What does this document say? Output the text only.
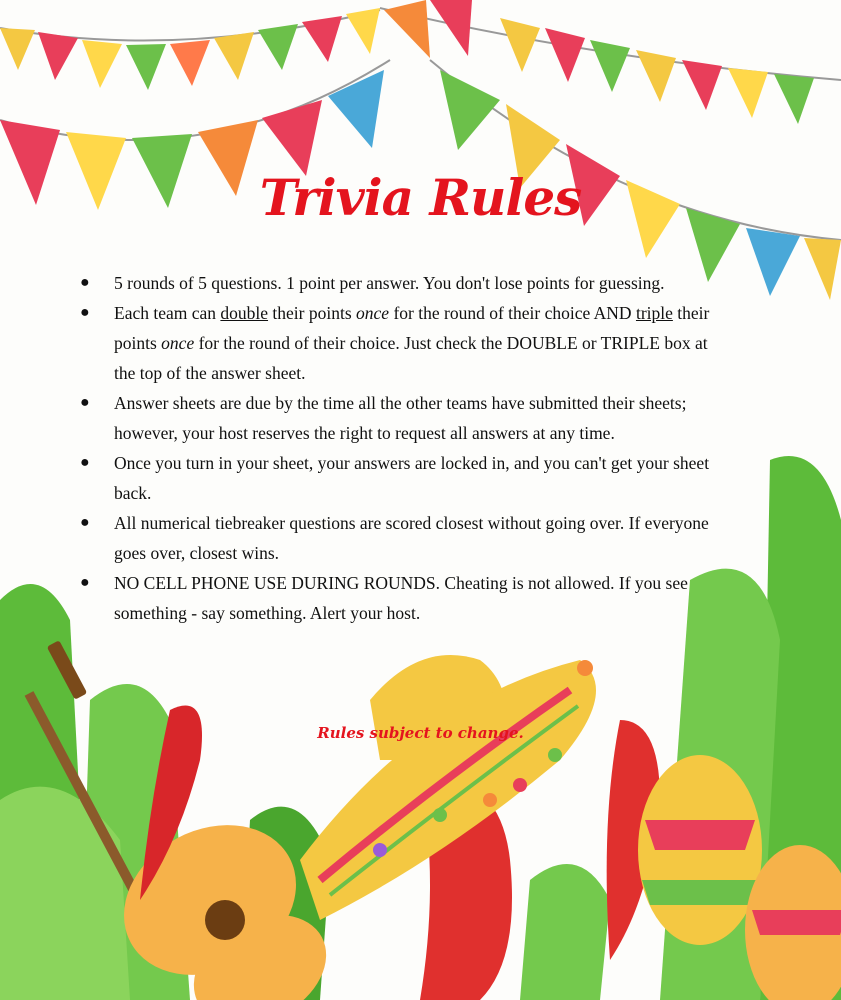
Trivia Rules
● 5 rounds of 5 questions. 1 point per answer. You don't lose points for guessing.
● Each team can double their points once for the round of their choice AND triple their points once for the round of their choice. Just check the DOUBLE or TRIPLE box at the top of the answer sheet.
● Answer sheets are due by the time all the other teams have submitted their sheets; however, your host reserves the right to request all answers at any time.
● Once you turn in your sheet, your answers are locked in, and you can't get your sheet back.
● All numerical tiebreaker questions are scored closest without going over. If everyone goes over, closest wins.
● NO CELL PHONE USE DURING ROUNDS. Cheating is not allowed. If you see something - say something. Alert your host.
Rules subject to change.
